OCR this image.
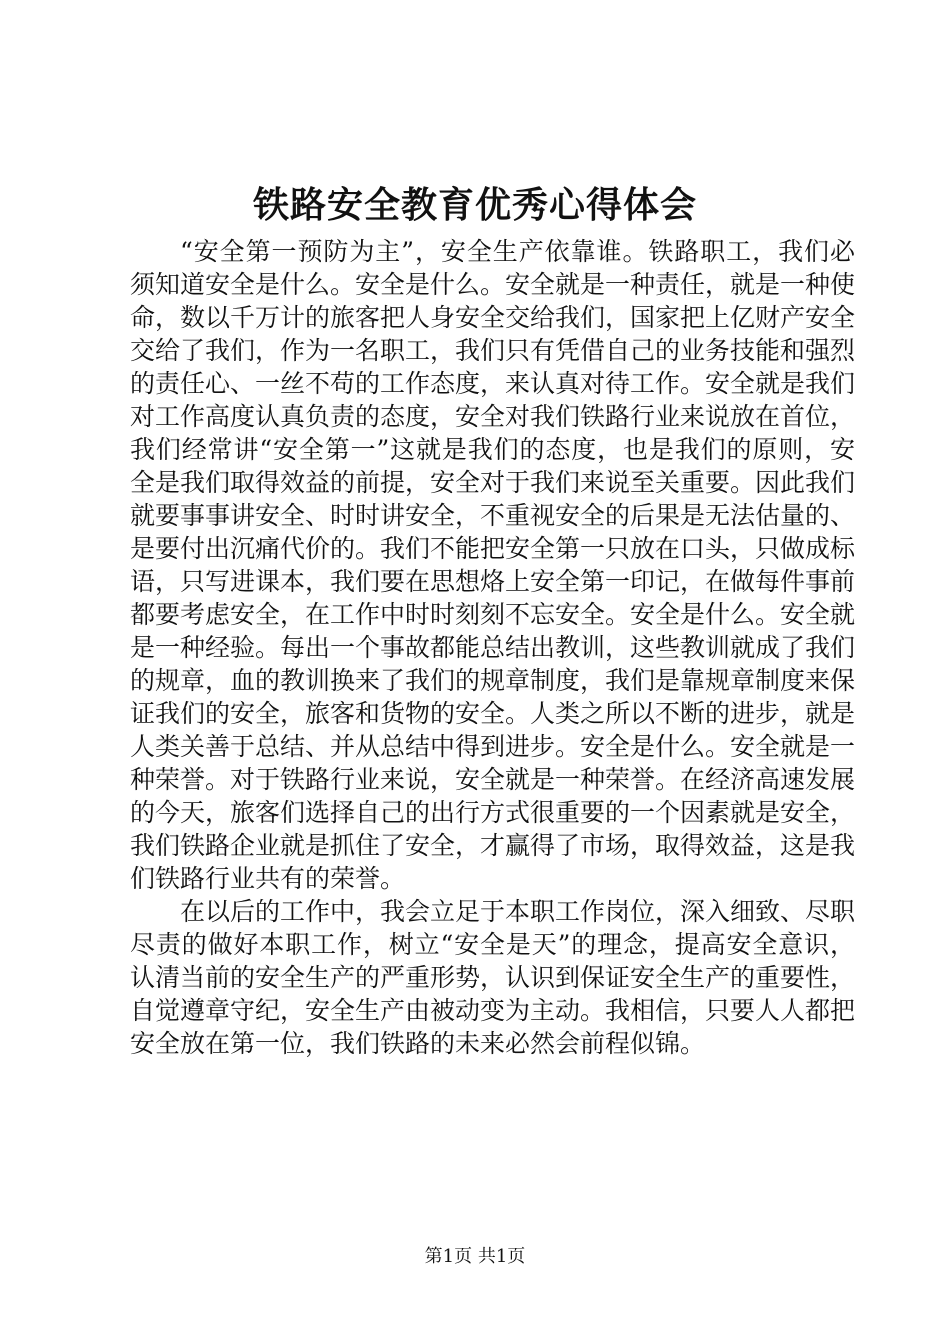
铁路安全教育优秀心得体会

“安全第一预防为主”，安全生产依靠谁。铁路职工，我们必须知道安全是什么。安全是什么。安全就是一种责任，就是一种使命，数以千万计的旅客把人身安全交给我们，国家把上亿财产安全交给了我们，作为一名职工，我们只有凭借自己的业务技能和强烈的责任心、一丝不苟的工作态度，来认真对待工作。安全就是我们对工作高度认真负责的态度，安全对我们铁路行业来说放在首位，我们经常讲“安全第一”这就是我们的态度，也是我们的原则，安全是我们取得效益的前提，安全对于我们来说至关重要。因此我们就要事事讲安全、时时讲安全，不重视安全的后果是无法估量的、是要付出沉痛代价的。我们不能把安全第一只放在口头，只做成标语，只写进课本，我们要在思想烙上安全第一印记，在做每件事前都要考虑安全，在工作中时时刻刻不忘安全。安全是什么。安全就是一种经验。每出一个事故都能总结出教训，这些教训就成了我们的规章，血的教训换来了我们的规章制度，我们是靠规章制度来保证我们的安全，旅客和货物的安全。人类之所以不断的进步，就是人类关善于总结、并从总结中得到进步。安全是什么。安全就是一种荣誉。对于铁路行业来说，安全就是一种荣誉。在经济高速发展的今天，旅客们选择自己的出行方式很重要的一个因素就是安全，我们铁路企业就是抓住了安全，才赢得了市场，取得效益，这是我们铁路行业共有的荣誉。

在以后的工作中，我会立足于本职工作岗位，深入细致、尽职尽责的做好本职工作，树立“安全是天”的理念，提高安全意识，认清当前的安全生产的严重形势，认识到保证安全生产的重要性，自觉遵章守纪，安全生产由被动变为主动。我相信，只要人人都把安全放在第一位，我们铁路的未来必然会前程似锦。

第1页 共1页
